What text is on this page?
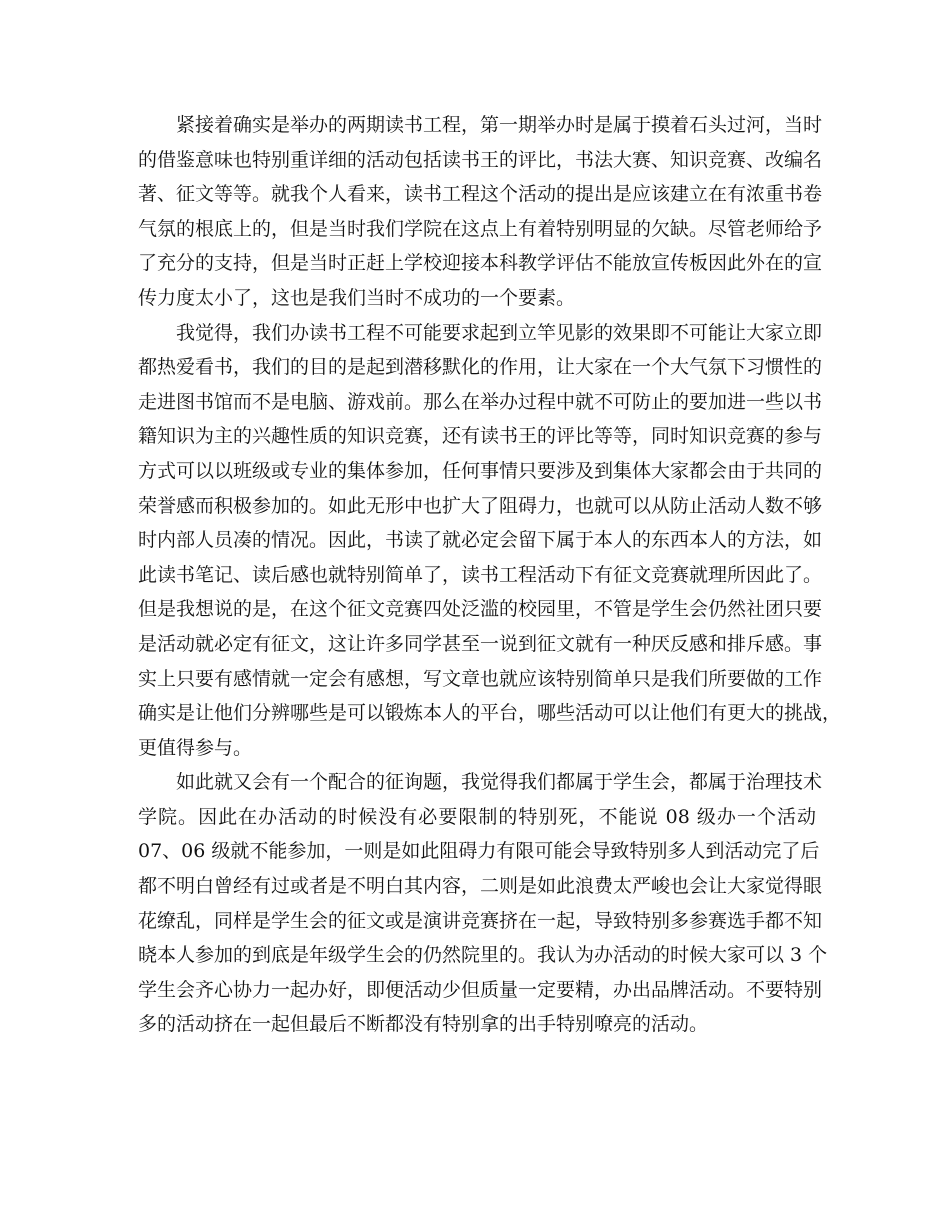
紧接着确实是举办的两期读书工程，第一期举办时是属于摸着石头过河，当时
的借鉴意味也特别重详细的活动包括读书王的评比，书法大赛、知识竞赛、改编名
著、征文等等。就我个人看来，读书工程这个活动的提出是应该建立在有浓重书卷
气氛的根底上的，但是当时我们学院在这点上有着特别明显的欠缺。尽管老师给予
了充分的支持，但是当时正赶上学校迎接本科教学评估不能放宣传板因此外在的宣
传力度太小了，这也是我们当时不成功的一个要素。
我觉得，我们办读书工程不可能要求起到立竿见影的效果即不可能让大家立即
都热爱看书，我们的目的是起到潜移默化的作用，让大家在一个大气氛下习惯性的
走进图书馆而不是电脑、游戏前。那么在举办过程中就不可防止的要加进一些以书
籍知识为主的兴趣性质的知识竞赛，还有读书王的评比等等，同时知识竞赛的参与
方式可以以班级或专业的集体参加，任何事情只要涉及到集体大家都会由于共同的
荣誉感而积极参加的。如此无形中也扩大了阻碍力，也就可以从防止活动人数不够
时内部人员凑的情况。因此，书读了就必定会留下属于本人的东西本人的方法，如
此读书笔记、读后感也就特别简单了，读书工程活动下有征文竞赛就理所因此了。
但是我想说的是，在这个征文竞赛四处泛滥的校园里，不管是学生会仍然社团只要
是活动就必定有征文，这让许多同学甚至一说到征文就有一种厌反感和排斥感。事
实上只要有感情就一定会有感想，写文章也就应该特别简单只是我们所要做的工作
确实是让他们分辨哪些是可以锻炼本人的平台，哪些活动可以让他们有更大的挑战，
更值得参与。
如此就又会有一个配合的征询题，我觉得我们都属于学生会，都属于治理技术
学院。因此在办活动的时候没有必要限制的特别死，不能说 08 级办一个活动
07、06 级就不能参加，一则是如此阻碍力有限可能会导致特别多人到活动完了后
都不明白曾经有过或者是不明白其内容，二则是如此浪费太严峻也会让大家觉得眼
花缭乱，同样是学生会的征文或是演讲竞赛挤在一起，导致特别多参赛选手都不知
晓本人参加的到底是年级学生会的仍然院里的。我认为办活动的时候大家可以 3 个
学生会齐心协力一起办好，即便活动少但质量一定要精，办出品牌活动。不要特别
多的活动挤在一起但最后不断都没有特别拿的出手特别嘹亮的活动。
